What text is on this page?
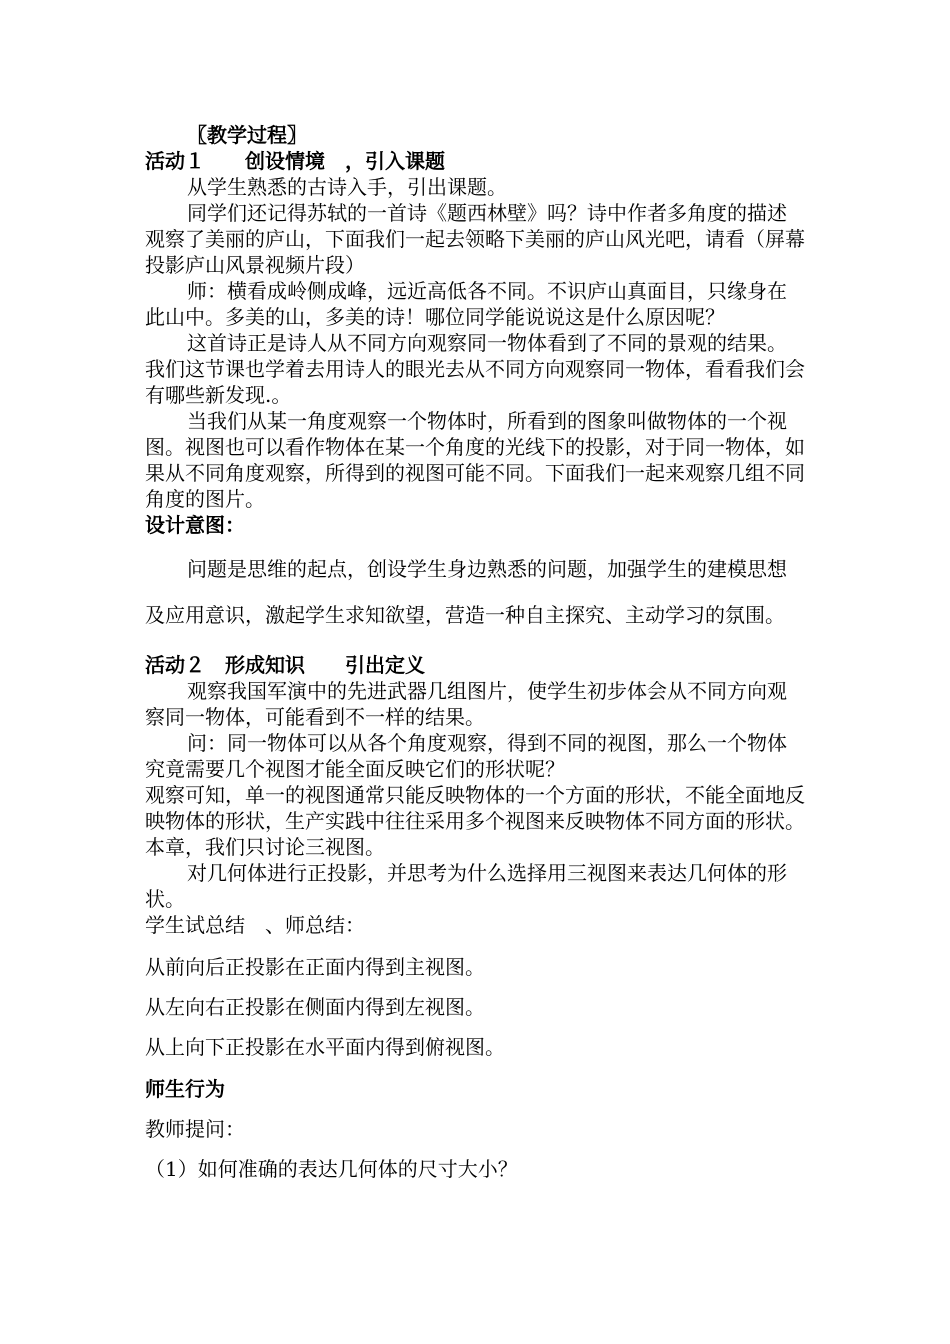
〖教学过程〗

活动１　　创设情境　，引入课题

从学生熟悉的古诗入手，引出课题。

同学们还记得苏轼的一首诗《题西林壁》吗？诗中作者多角度的描述观察了美丽的庐山，下面我们一起去领略下美丽的庐山风光吧，请看（屏幕投影庐山风景视频片段）

师：横看成岭侧成峰，远近高低各不同。不识庐山真面目，只缘身在此山中。多美的山，多美的诗！哪位同学能说说这是什么原因呢？

这首诗正是诗人从不同方向观察同一物体看到了不同的景观的结果。我们这节课也学着去用诗人的眼光去从不同方向观察同一物体，看看我们会有哪些新发现.。

当我们从某一角度观察一个物体时，所看到的图象叫做物体的一个视图。视图也可以看作物体在某一个角度的光线下的投影，对于同一物体，如果从不同角度观察，所得到的视图可能不同。下面我们一起来观察几组不同角度的图片。

设计意图：

问题是思维的起点，创设学生身边熟悉的问题，加强学生的建模思想及应用意识，激起学生求知欲望，营造一种自主探究、主动学习的氛围。

活动２　形成知识　　引出定义

观察我国军演中的先进武器几组图片，使学生初步体会从不同方向观察同一物体，可能看到不一样的结果。

问：同一物体可以从各个角度观察，得到不同的视图，那么一个物体究竟需要几个视图才能全面反映它们的形状呢？

观察可知，单一的视图通常只能反映物体的一个方面的形状，不能全面地反映物体的形状，生产实践中往往采用多个视图来反映物体不同方面的形状。本章，我们只讨论三视图。

对几何体进行正投影，并思考为什么选择用三视图来表达几何体的形状。

学生试总结　、师总结：

从前向后正投影在正面内得到主视图。

从左向右正投影在侧面内得到左视图。

从上向下正投影在水平面内得到俯视图。

师生行为

教师提问：

（1）如何准确的表达几何体的尺寸大小？
